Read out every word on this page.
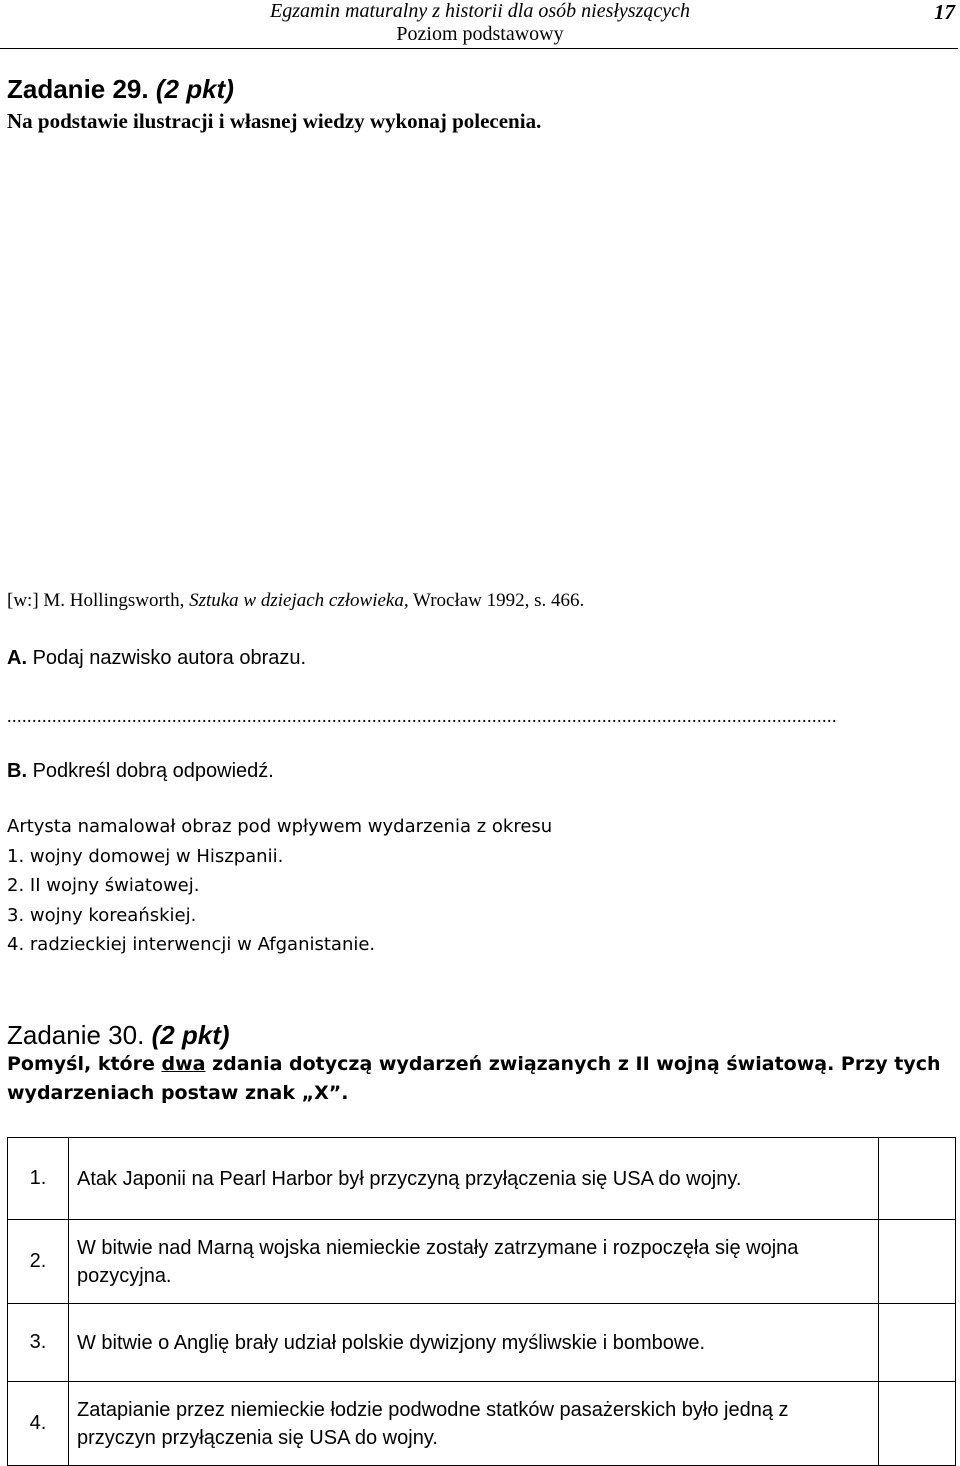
Egzamin maturalny z historii dla osób niesłyszących
Poziom podstawowy
17
Zadanie 29. (2 pkt)
Na podstawie ilustracji i własnej wiedzy wykonaj polecenia.
[w:] M. Hollingsworth, Sztuka w dziejach człowieka, Wrocław 1992, s. 466.
A. Podaj nazwisko autora obrazu.
......................................................................................................................................................................
B. Podkreśl dobrą odpowiedź.
Artysta namalował obraz pod wpływem wydarzenia z okresu
1. wojny domowej w Hiszpanii.
2. II wojny światowej.
3. wojny koreańskiej.
4. radzieckiej interwencji w Afganistanie.
Zadanie 30. (2 pkt)
Pomyśl, które dwa zdania dotyczą wydarzeń związanych z II wojną światową. Przy tych wydarzeniach postaw znak „X”.
1.	Atak Japonii na Pearl Harbor był przyczyną przyłączenia się USA do wojny.	
2.	W bitwie nad Marną wojska niemieckie zostały zatrzymane i rozpoczęła się wojna pozycyjna.	
3.	W bitwie o Anglię brały udział polskie dywizjony myśliwskie i bombowe.	
4.	Zatapianie przez niemieckie łodzie podwodne statków pasażerskich było jedną z przyczyn przyłączenia się USA do wojny.	
